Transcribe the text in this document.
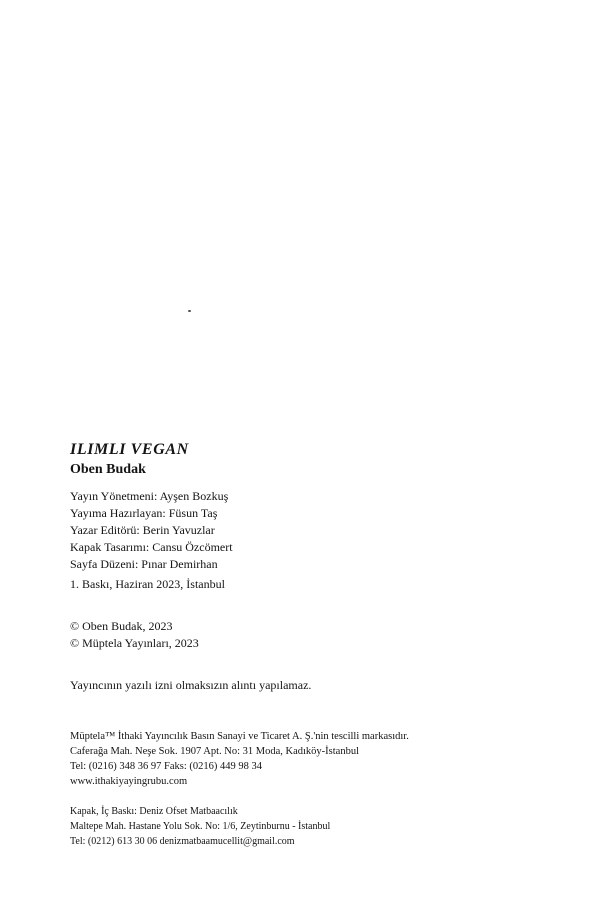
ILIMLI VEGAN
Oben Budak
Yayın Yönetmeni: Ayşen Bozkuş
Yayıma Hazırlayan: Füsun Taş
Yazar Editörü: Berin Yavuzlar
Kapak Tasarımı: Cansu Özcömert
Sayfa Düzeni: Pınar Demirhan
1. Baskı, Haziran 2023, İstanbul
© Oben Budak, 2023
© Müptela Yayınları, 2023
Yayıncının yazılı izni olmaksızın alıntı yapılamaz.
Müptela™ İthaki Yayıncılık Basın Sanayi ve Ticaret A. Ş.'nin tescilli markasıdır.
Caferağa Mah. Neşe Sok. 1907 Apt. No: 31 Moda, Kadıköy-İstanbul
Tel: (0216) 348 36 97 Faks: (0216) 449 98 34
www.ithakiyayingrubu.com
Kapak, İç Baskı: Deniz Ofset Matbaacılık
Maltepe Mah. Hastane Yolu Sok. No: 1/6, Zeytinburnu - İstanbul
Tel: (0212) 613 30 06 denizmatbaamucellit@gmail.com
